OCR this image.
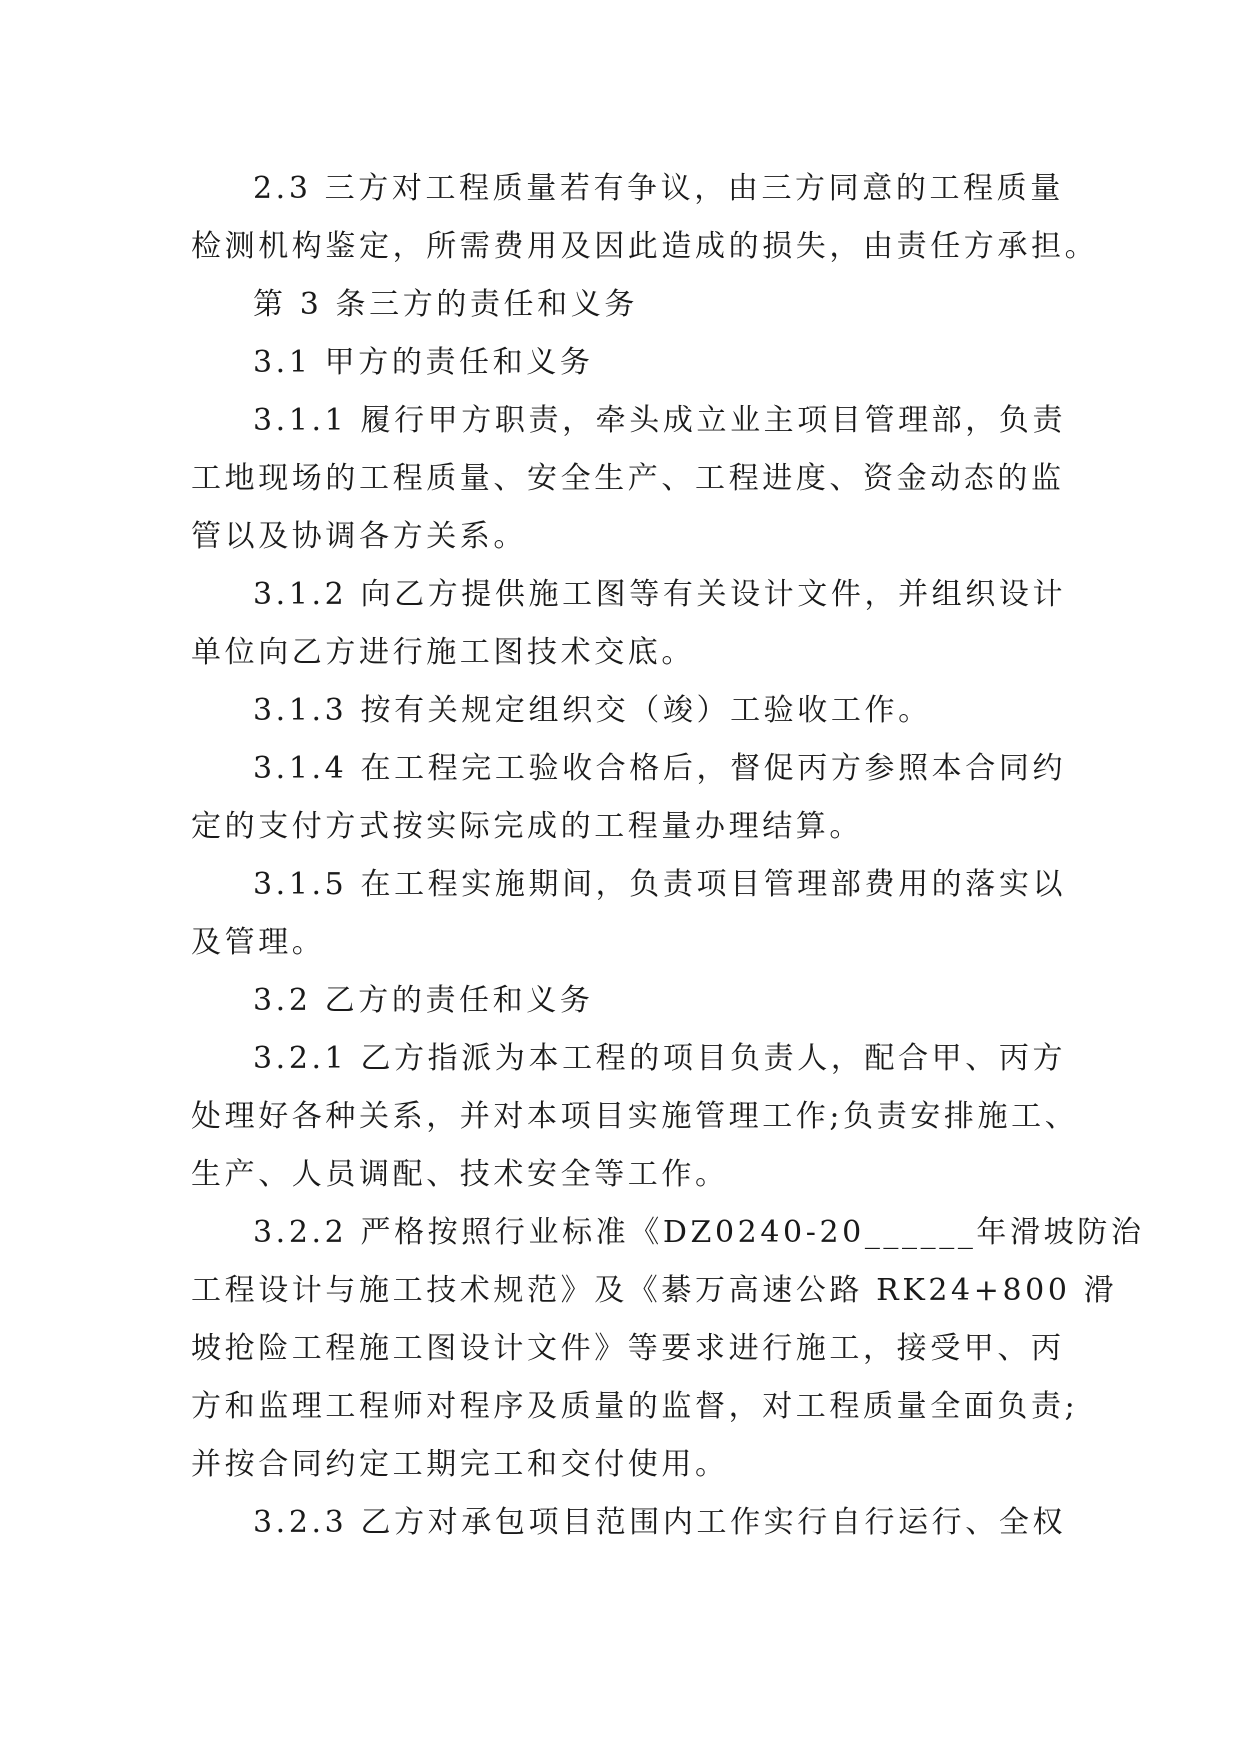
2.3 三方对工程质量若有争议，由三方同意的工程质量
检测机构鉴定，所需费用及因此造成的损失，由责任方承担。
第 3 条三方的责任和义务
3.1 甲方的责任和义务
3.1.1 履行甲方职责，牵头成立业主项目管理部，负责
工地现场的工程质量、安全生产、工程进度、资金动态的监
管以及协调各方关系。
3.1.2 向乙方提供施工图等有关设计文件，并组织设计
单位向乙方进行施工图技术交底。
3.1.3 按有关规定组织交（竣）工验收工作。
3.1.4 在工程完工验收合格后，督促丙方参照本合同约
定的支付方式按实际完成的工程量办理结算。
3.1.5 在工程实施期间，负责项目管理部费用的落实以
及管理。
3.2 乙方的责任和义务
3.2.1 乙方指派为本工程的项目负责人，配合甲、丙方
处理好各种关系，并对本项目实施管理工作;负责安排施工、
生产、人员调配、技术安全等工作。
3.2.2 严格按照行业标准《DZ0240-20______年滑坡防治
工程设计与施工技术规范》及《綦万高速公路 RK24+800 滑
坡抢险工程施工图设计文件》等要求进行施工，接受甲、丙
方和监理工程师对程序及质量的监督，对工程质量全面负责;
并按合同约定工期完工和交付使用。
3.2.3 乙方对承包项目范围内工作实行自行运行、全权
